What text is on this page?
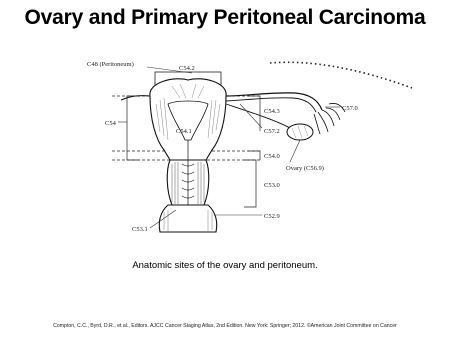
Ovary and Primary Peritoneal Carcinoma
C48 (Peritoneum)
C54.2
C54
C54.1
C54.3	C57.0
C57.2
C54.0
Ovary (C56.9)
C53.0
C52.9
C53.1
Anatomic sites of the ovary and peritoneum.
Compton, C.C., Byrd, D.R., et al., Editors. AJCC Cancer Staging Atlas, 2nd Edition. New York: Springer; 2012. ©American Joint Committee on Cancer
